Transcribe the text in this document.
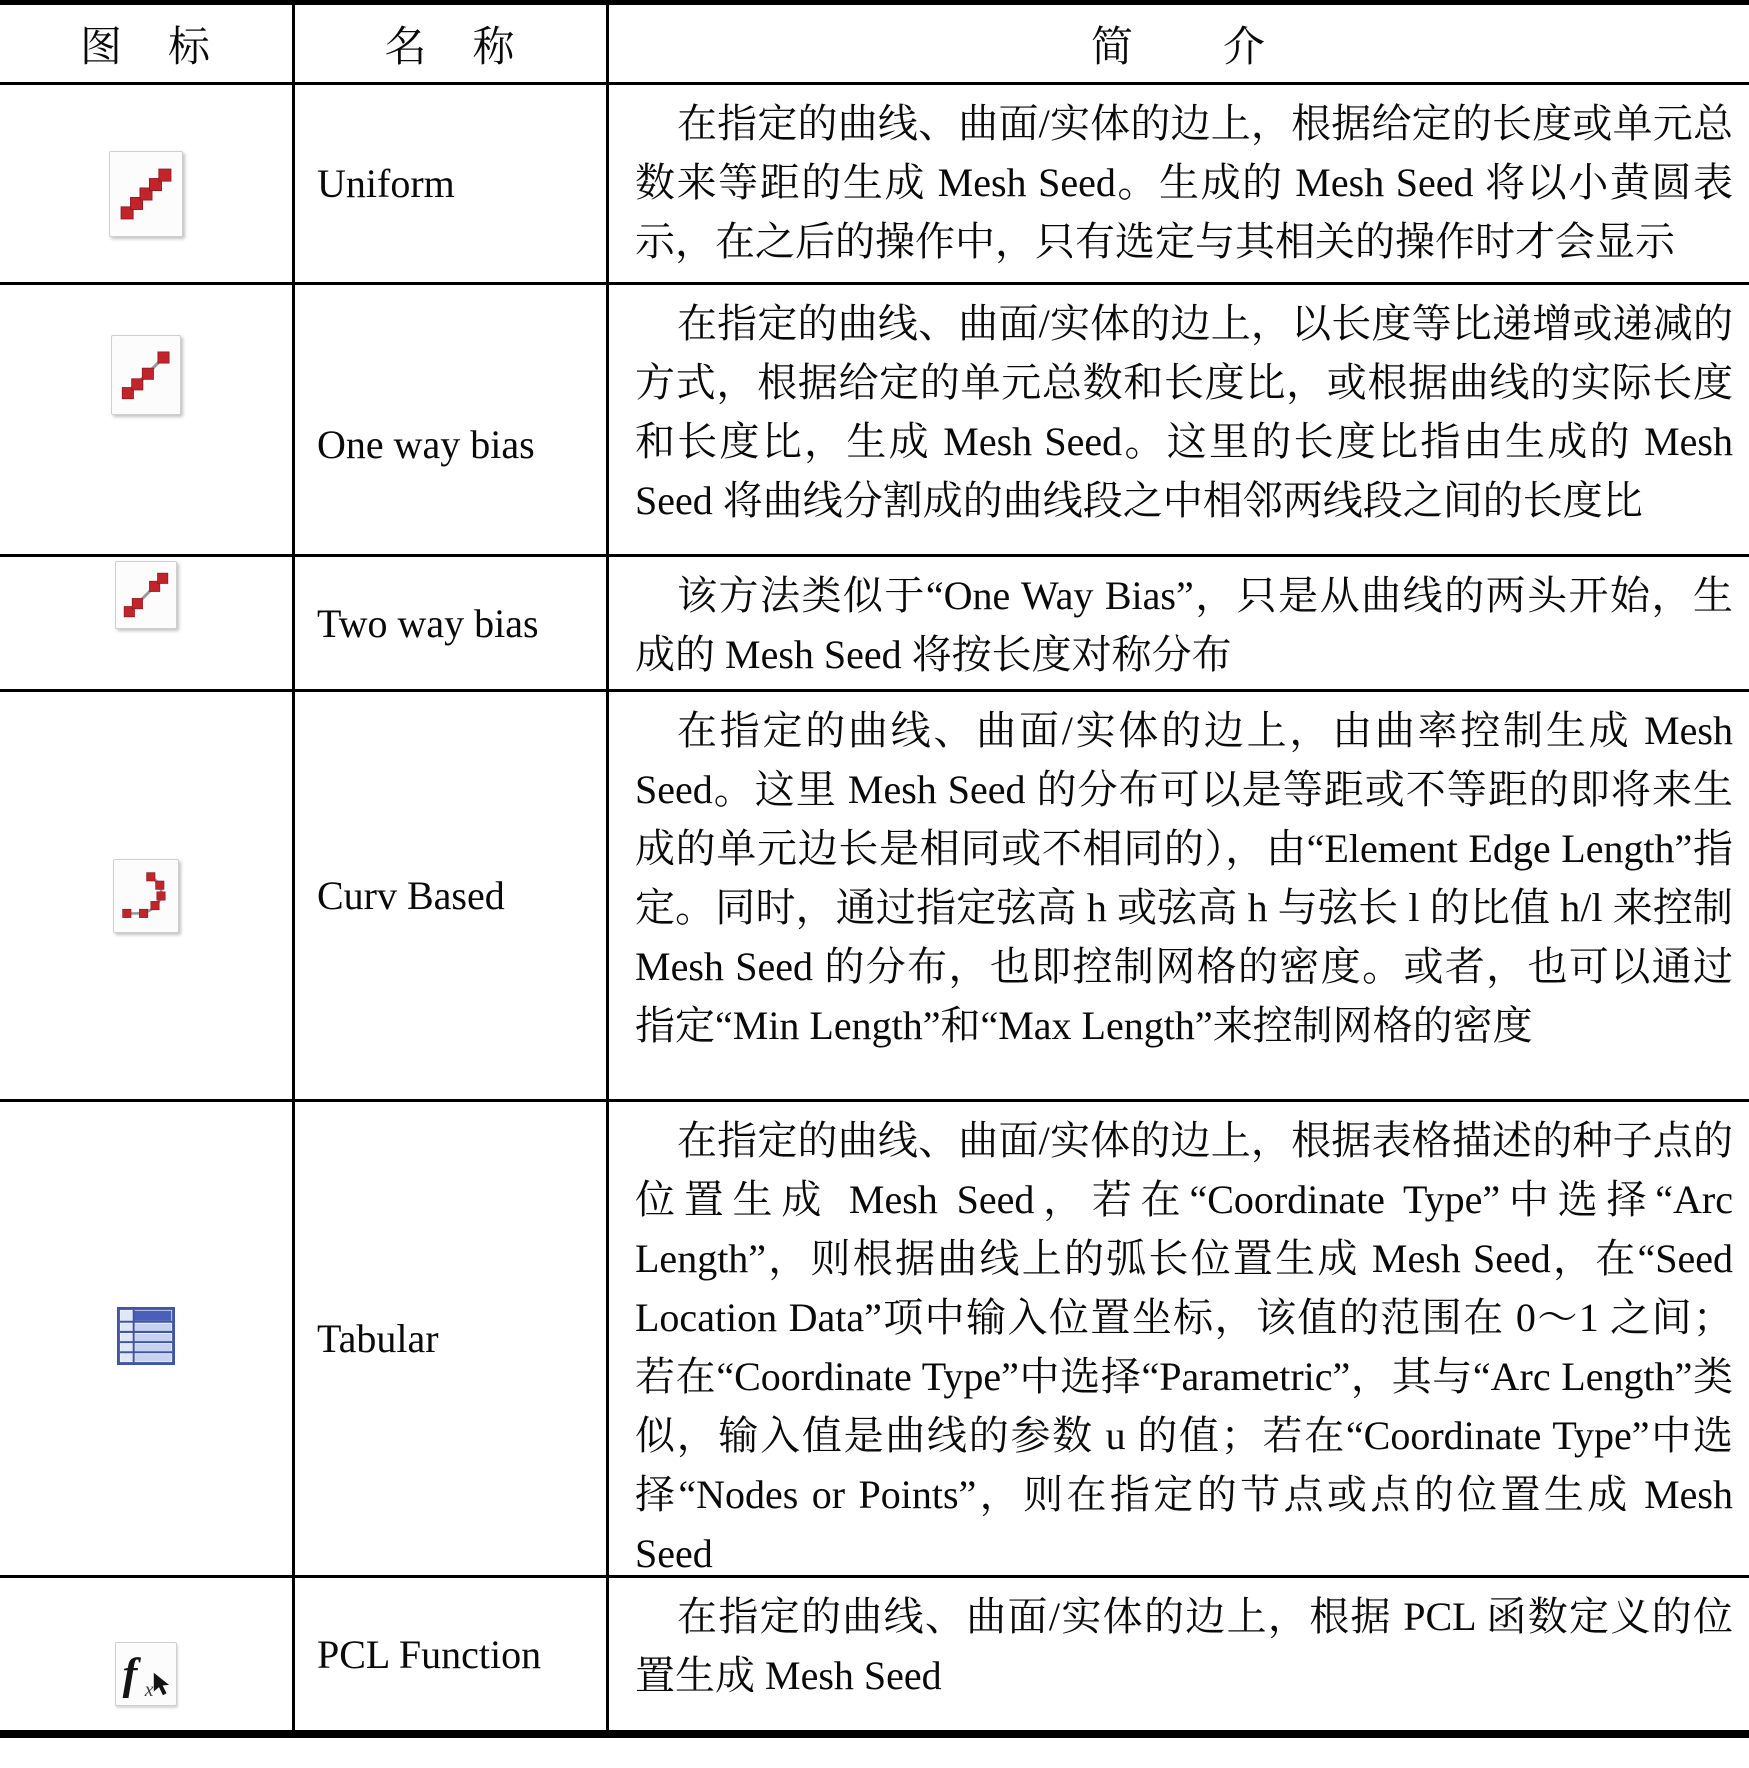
图　标	名　称	简　　介
Uniform

在指定的曲线、曲面/实体的边上，根据给定的长度或单元总数来等距的生成 Mesh Seed。生成的 Mesh Seed 将以小黄圆表示，在之后的操作中，只有选定与其相关的操作时才会显示

One way bias

在指定的曲线、曲面/实体的边上，以长度等比递增或递减的方式，根据给定的单元总数和长度比，或根据曲线的实际长度和长度比，生成 Mesh Seed。这里的长度比指由生成的 Mesh Seed 将曲线分割成的曲线段之中相邻两线段之间的长度比

Two way bias

该方法类似于“One Way Bias”，只是从曲线的两头开始，生成的 Mesh Seed 将按长度对称分布

Curv Based

在指定的曲线、曲面/实体的边上，由曲率控制生成 Mesh Seed。这里 Mesh Seed 的分布可以是等距或不等距的即将来生成的单元边长是相同或不相同的），由“Element Edge Length”指定。同时，通过指定弦高 h 或弦高 h 与弦长 l 的比值 h/l 来控制 Mesh Seed 的分布，也即控制网格的密度。或者，也可以通过指定“Min Length”和“Max Length”来控制网格的密度

Tabular

在指定的曲线、曲面/实体的边上，根据表格描述的种子点的位置生成 Mesh Seed，若在“Coordinate Type”中选择“Arc Length”，则根据曲线上的弧长位置生成 Mesh Seed，在“Seed Location Data”项中输入位置坐标，该值的范围在 0～1 之间；若在“Coordinate Type”中选择“Parametric”，其与“Arc Length”类似，输入值是曲线的参数 u 的值；若在“Coordinate Type”中选择“Nodes or Points”，则在指定的节点或点的位置生成 Mesh Seed

f x
PCL Function

在指定的曲线、曲面/实体的边上，根据 PCL 函数定义的位置生成 Mesh Seed
